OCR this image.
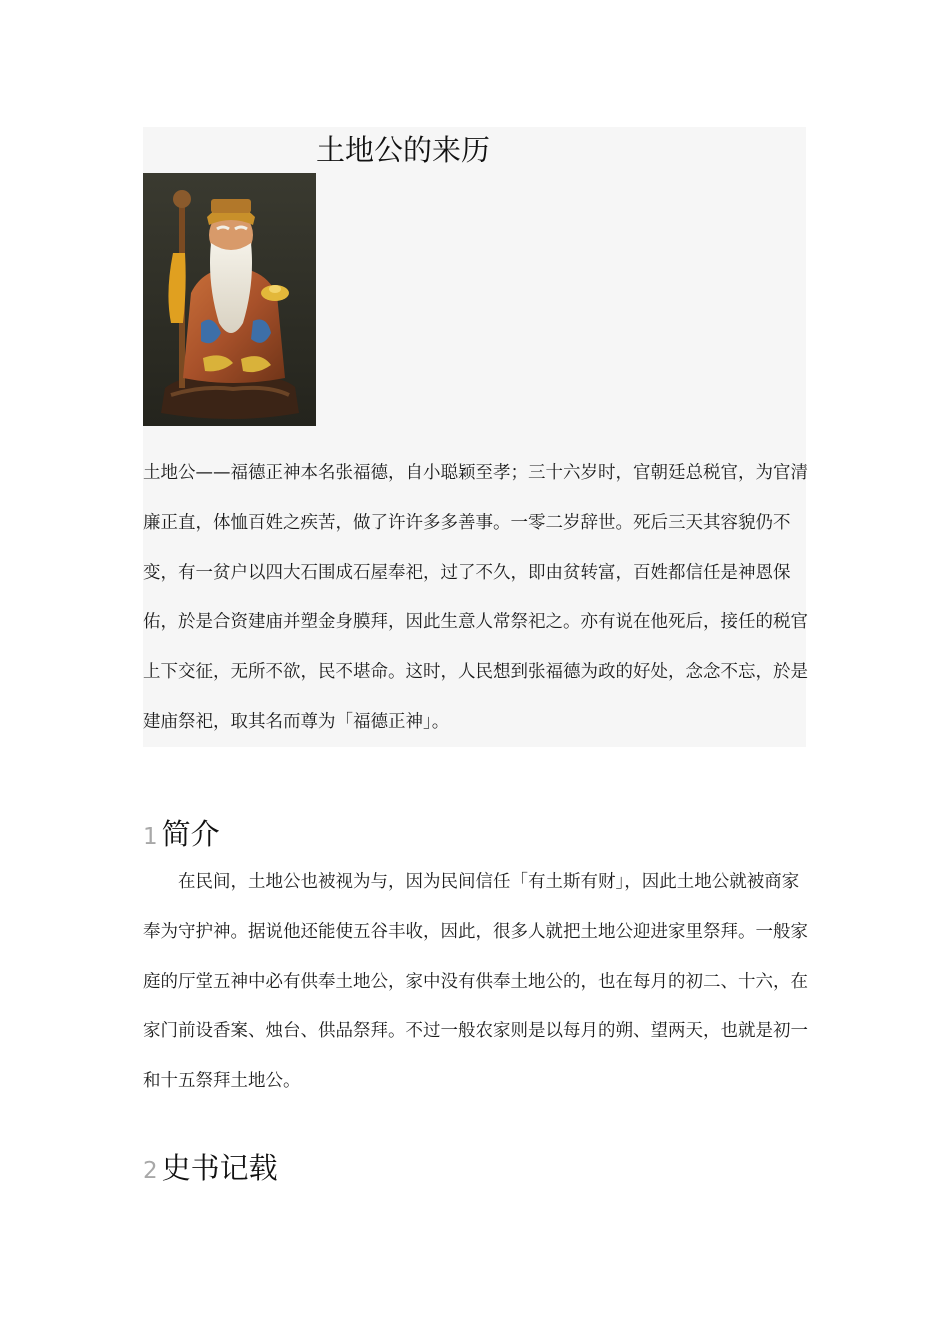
土地公的来历

土地公——福德正神本名张福德，自小聪颖至孝；三十六岁时，官朝廷总税官，为官清廉正直，体恤百姓之疾苦，做了许许多多善事。一零二岁辞世。死后三天其容貌仍不变，有一贫户以四大石围成石屋奉祀，过了不久，即由贫转富，百姓都信任是神恩保佑，於是合资建庙并塑金身膜拜，因此生意人常祭祀之。亦有说在他死后，接任的税官上下交征，无所不欲，民不堪命。这时，人民想到张福德为政的好处，念念不忘，於是建庙祭祀，取其名而尊为「福德正神」。

1 简介

在民间，土地公也被视为与，因为民间信任「有土斯有财」，因此土地公就被商家奉为守护神。据说他还能使五谷丰收，因此，很多人就把土地公迎进家里祭拜。一般家庭的厅堂五神中必有供奉土地公，家中没有供奉土地公的，也在每月的初二、十六，在家门前设香案、烛台、供品祭拜。不过一般农家则是以每月的朔、望两天，也就是初一和十五祭拜土地公。

2 史书记载
